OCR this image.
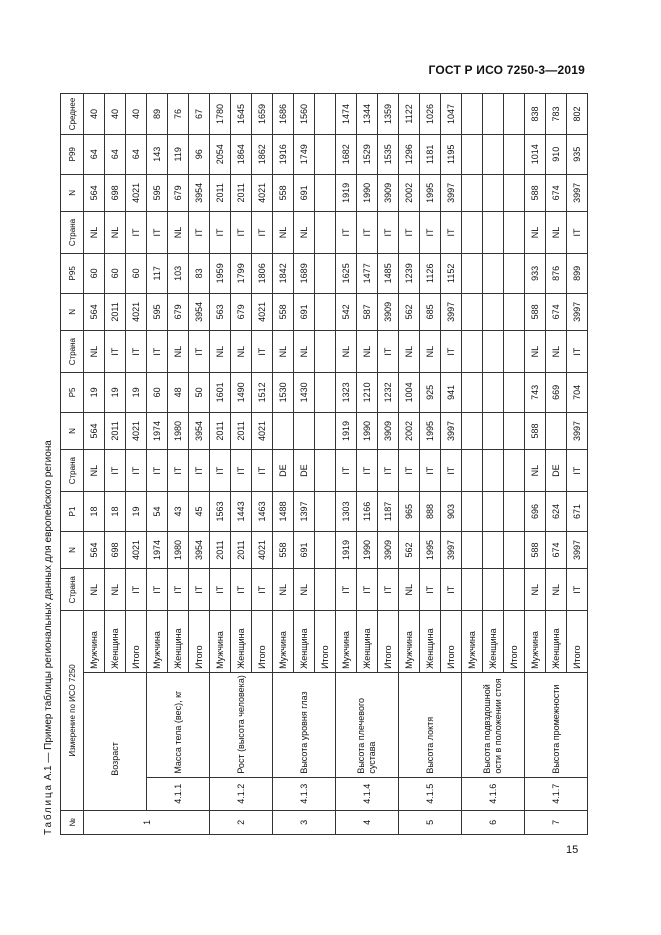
ГОСТ Р ИСО 7250-3—2019
Таблица А.1 — Пример таблицы региональных данных для европейского региона
№	Измерение по ИСО 7250			Страна	N	P1	Страна	N	P5	Страна	N	P95	Страна	N	P99	Среднее
1	Возраст		Мужчина	NL	564	18	NL	564	19	NL	564	60	NL	564	64	40
			Женщина	NL	698	18	IT	2011	19	IT	2011	60	NL	698	64	40
			Итого	IT	4021	19	IT	4021	19	IT	4021	60	IT	4021	64	40
	4.1.1	Масса тела (вес), кг	Мужчина	IT	1974	54	IT	1974	60	IT	595	117	IT	595	143	89
			Женщина	IT	1980	43	IT	1980	48	NL	679	103	NL	679	119	76
			Итого	IT	3954	45	IT	3954	50	IT	3954	83	IT	3954	96	67
2	4.1.2	Рост (высота человека)	Мужчина	IT	2011	1563	IT	2011	1601	NL	563	1959	IT	2011	2054	1780
			Женщина	IT	2011	1443	IT	2011	1490	NL	679	1799	IT	2011	1864	1645
			Итого	IT	4021	1463	IT	4021	1512	IT	4021	1806	IT	4021	1862	1659
3	4.1.3	Высота уровня глаз	Мужчина	NL	558	1488	DE		1530	NL	558	1842	NL	558	1916	1686
			Женщина	NL	691	1397	DE		1430	NL	691	1689	NL	691	1749	1560
			Итого													
4	4.1.4	Высота плечевого сустава	Мужчина	IT	1919	1303	IT	1919	1323	NL	542	1625	IT	1919	1682	1474
			Женщина	IT	1990	1166	IT	1990	1210	NL	587	1477	IT	1990	1529	1344
			Итого	IT	3909	1187	IT	3909	1232	IT	3909	1485	IT	3909	1535	1359
5	4.1.5	Высота локтя	Мужчина	NL	562	965	IT	2002	1004	NL	562	1239	IT	2002	1296	1122
			Женщина	IT	1995	888	IT	1995	925	NL	685	1126	IT	1995	1181	1026
			Итого	IT	3997	903	IT	3997	941	IT	3997	1152	IT	3997	1195	1047
6	4.1.6	Высота подвздошной ости в положении стоя	Мужчина													
			Женщина													
			Итого													
7	4.1.7	Высота промежности	Мужчина	NL	588	696	NL	588	743	NL	588	933	NL	588	1014	838
			Женщина	NL	674	624	DE		669	NL	674	876	NL	674	910	783
			Итого	IT	3997	671	IT	3997	704	IT	3997	899	IT	3997	935	802
15
